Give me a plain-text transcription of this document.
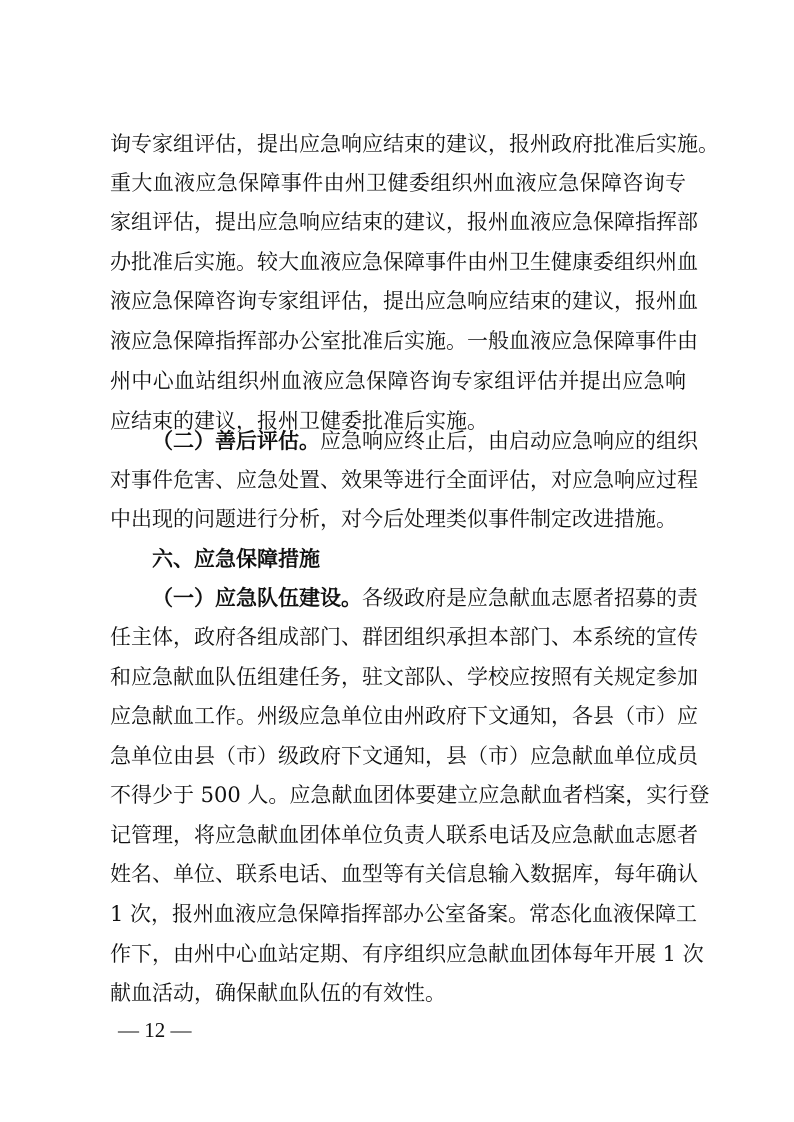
询专家组评估，提出应急响应结束的建议，报州政府批准后实施。
重大血液应急保障事件由州卫健委组织州血液应急保障咨询专
家组评估，提出应急响应结束的建议，报州血液应急保障指挥部
办批准后实施。较大血液应急保障事件由州卫生健康委组织州血
液应急保障咨询专家组评估，提出应急响应结束的建议，报州血
液应急保障指挥部办公室批准后实施。一般血液应急保障事件由
州中心血站组织州血液应急保障咨询专家组评估并提出应急响
应结束的建议，报州卫健委批准后实施。
（二）善后评估。应急响应终止后，由启动应急响应的组织
对事件危害、应急处置、效果等进行全面评估，对应急响应过程
中出现的问题进行分析，对今后处理类似事件制定改进措施。
六、应急保障措施
（一）应急队伍建设。各级政府是应急献血志愿者招募的责
任主体，政府各组成部门、群团组织承担本部门、本系统的宣传
和应急献血队伍组建任务，驻文部队、学校应按照有关规定参加
应急献血工作。州级应急单位由州政府下文通知，各县（市）应
急单位由县（市）级政府下文通知，县（市）应急献血单位成员
不得少于 500 人。应急献血团体要建立应急献血者档案，实行登
记管理，将应急献血团体单位负责人联系电话及应急献血志愿者
姓名、单位、联系电话、血型等有关信息输入数据库，每年确认
1 次，报州血液应急保障指挥部办公室备案。常态化血液保障工
作下，由州中心血站定期、有序组织应急献血团体每年开展 1 次
献血活动，确保献血队伍的有效性。
— 12 —
